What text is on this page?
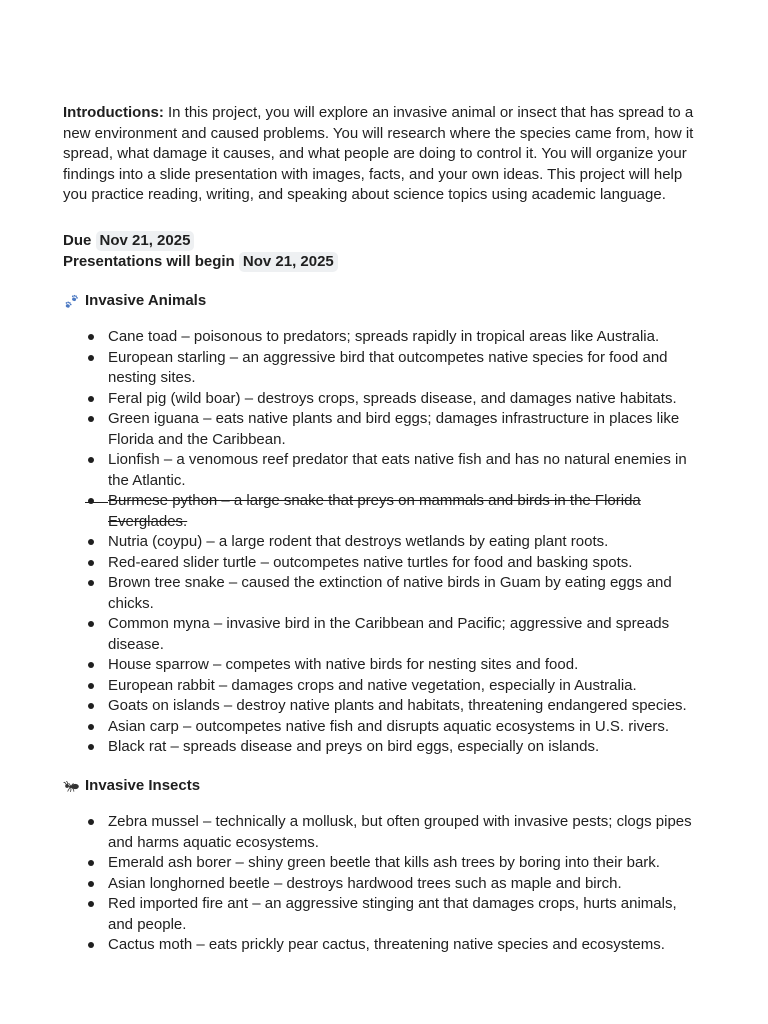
Introductions: In this project, you will explore an invasive animal or insect that has spread to a new environment and caused problems. You will research where the species came from, how it spread, what damage it causes, and what people are doing to control it. You will organize your findings into a slide presentation with images, facts, and your own ideas. This project will help you practice reading, writing, and speaking about science topics using academic language.

Due Nov 21, 2025
Presentations will begin Nov 21, 2025
Invasive Animals
Cane toad – poisonous to predators; spreads rapidly in tropical areas like Australia.
European starling – an aggressive bird that outcompetes native species for food and nesting sites.
Feral pig (wild boar) – destroys crops, spreads disease, and damages native habitats.
Green iguana – eats native plants and bird eggs; damages infrastructure in places like Florida and the Caribbean.
Lionfish – a venomous reef predator that eats native fish and has no natural enemies in the Atlantic.
Burmese python – a large snake that preys on mammals and birds in the Florida Everglades.
Nutria (coypu) – a large rodent that destroys wetlands by eating plant roots.
Red-eared slider turtle – outcompetes native turtles for food and basking spots.
Brown tree snake – caused the extinction of native birds in Guam by eating eggs and chicks.
Common myna – invasive bird in the Caribbean and Pacific; aggressive and spreads disease.
House sparrow – competes with native birds for nesting sites and food.
European rabbit – damages crops and native vegetation, especially in Australia.
Goats on islands – destroy native plants and habitats, threatening endangered species.
Asian carp – outcompetes native fish and disrupts aquatic ecosystems in U.S. rivers.
Black rat – spreads disease and preys on bird eggs, especially on islands.
Invasive Insects
Zebra mussel – technically a mollusk, but often grouped with invasive pests; clogs pipes and harms aquatic ecosystems.
Emerald ash borer – shiny green beetle that kills ash trees by boring into their bark.
Asian longhorned beetle – destroys hardwood trees such as maple and birch.
Red imported fire ant – an aggressive stinging ant that damages crops, hurts animals, and people.
Cactus moth – eats prickly pear cactus, threatening native species and ecosystems.
